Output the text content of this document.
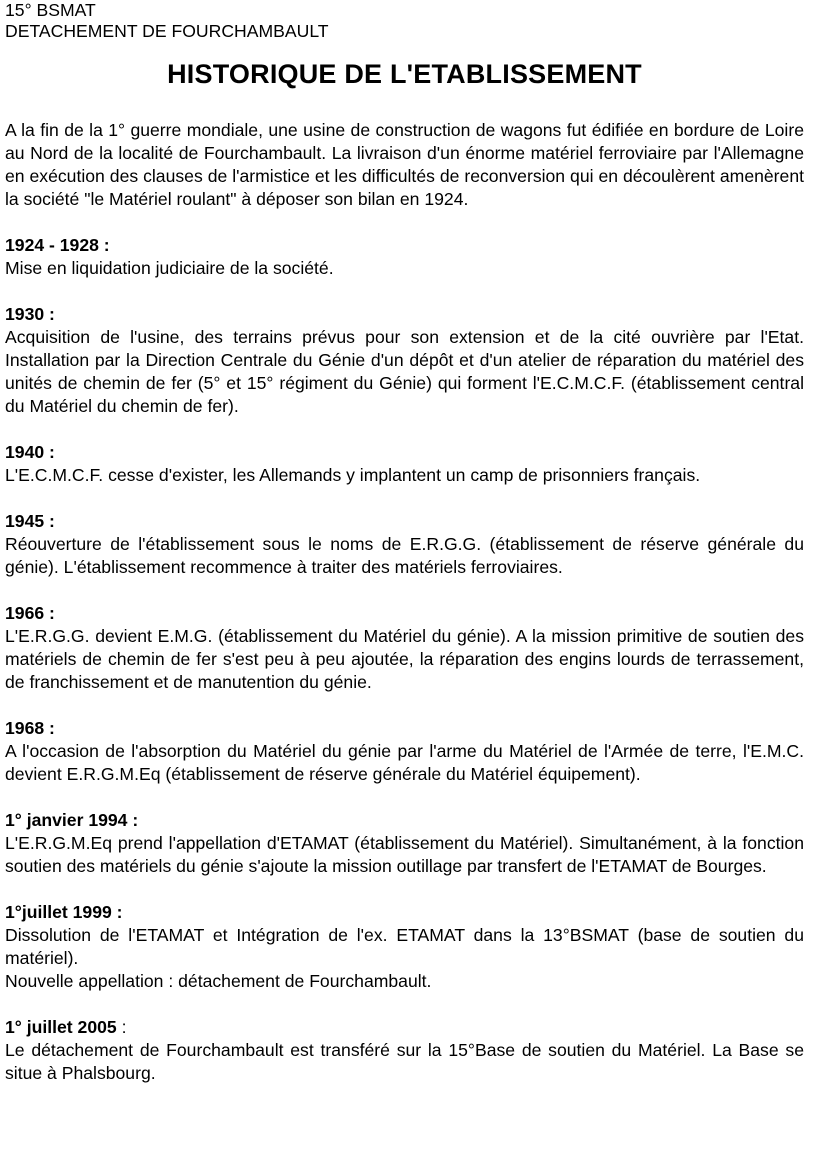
15° BSMAT
DETACHEMENT DE FOURCHAMBAULT
HISTORIQUE DE L'ETABLISSEMENT

A la fin de la 1° guerre mondiale, une usine de construction de wagons fut édifiée en bordure de Loire au Nord de la localité de Fourchambault. La livraison d'un énorme matériel ferroviaire par l'Allemagne en exécution des clauses de l'armistice et les difficultés de reconversion qui en découlèrent amenèrent la société "le Matériel roulant" à déposer son bilan en 1924.

1924 - 1928 :

Mise en liquidation judiciaire de la société.

1930 :

Acquisition de l'usine, des terrains prévus pour son extension et de la cité ouvrière par l'Etat. Installation par la Direction Centrale du Génie d'un dépôt et d'un atelier de réparation du matériel des unités de chemin de fer (5° et 15° régiment du Génie) qui forment l'E.C.M.C.F. (établissement central du Matériel du chemin de fer).

1940 :

L'E.C.M.C.F. cesse d'exister, les Allemands y implantent un camp de prisonniers français.

1945 :

Réouverture de l'établissement sous le noms de E.R.G.G. (établissement de réserve générale du génie). L'établissement recommence à traiter des matériels ferroviaires.

1966 :

L'E.R.G.G. devient E.M.G. (établissement du Matériel du génie). A la mission primitive de soutien des matériels de chemin de fer s'est peu à peu ajoutée, la réparation des engins lourds de terrassement, de franchissement et de manutention du génie.

1968 :

A l'occasion de l'absorption du Matériel du génie par l'arme du Matériel de l'Armée de terre, l'E.M.C. devient E.R.G.M.Eq (établissement de réserve générale du Matériel équipement).

1° janvier 1994 :

L'E.R.G.M.Eq prend l'appellation d'ETAMAT (établissement du Matériel). Simultanément, à la fonction soutien des matériels du génie s'ajoute la mission outillage par transfert de l'ETAMAT de Bourges.

1°juillet 1999 :

Dissolution de l'ETAMAT et Intégration de l'ex. ETAMAT dans la 13°BSMAT (base de soutien du matériel).

Nouvelle appellation : détachement de Fourchambault.

1° juillet 2005 :

Le détachement de Fourchambault est transféré sur la 15°Base de soutien du Matériel. La Base se situe à Phalsbourg.
